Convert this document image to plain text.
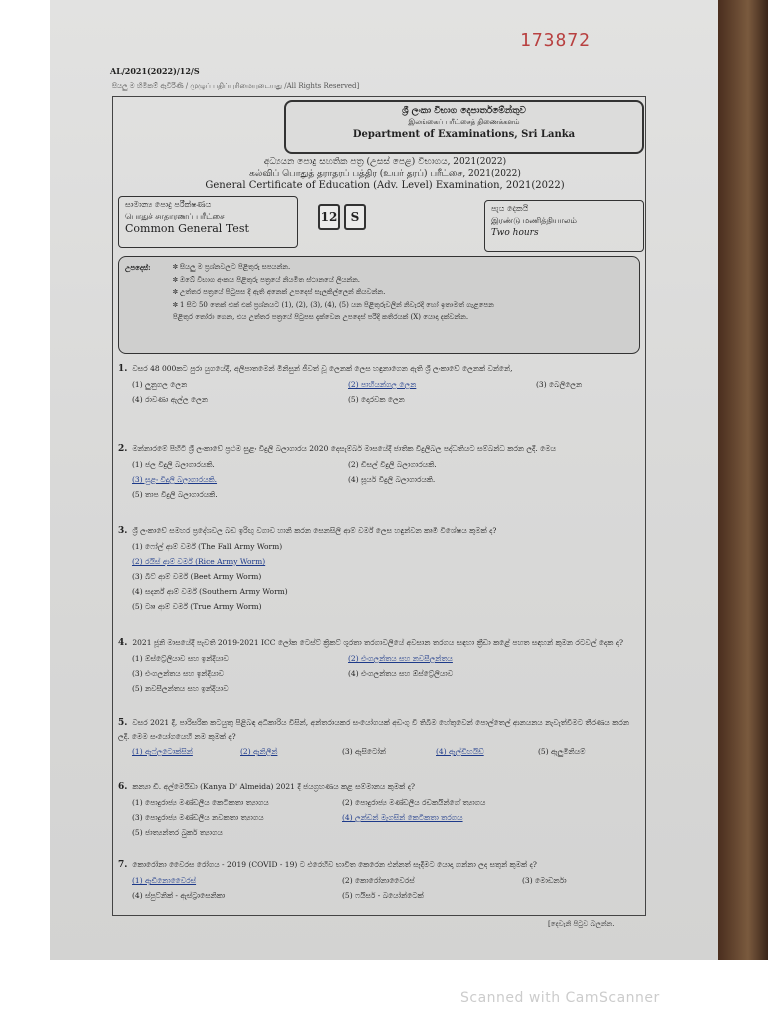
173872
AL/2021(2022)/12/S
සියලු ම හිමිකම් ඇවිරිණි / முழுப் பதிப்புரிமையுடையது /All Rights Reserved]
ශ්‍රී ලංකා විභාග දෙපාර්තමේන්තුව
இலங்கைப் பரீட்சைத் திணைக்களம்
Department of Examinations, Sri Lanka
අධ්‍යයන පොදු සහතික පත්‍ර (උසස් පෙළ) විභාගය, 2021(2022)
கல்விப் பொதுத் தராதரப் பத்திர (உயர் தரப்) பரீட்சை, 2021(2022)
General Certificate of Education (Adv. Level) Examination, 2021(2022)
සාමාන්‍ය පොදු පරීක්ෂණය
பொதுச் சாதாரணப் பரீட்சை
Common General Test
12 S
පැය දෙකයි
இரண்டு மணித்தியாலம்
Two hours
උපදෙස්:	✽ සියලු ම ප්‍රශ්නවලට පිළිතුරු සපයන්න.
✽ ඔබේ විභාග අංකය පිළිතුරු පත්‍රයේ නියමිත ස්ථානයේ ලියන්න.
✽ උත්තර පත්‍රයේ පිටුපස දී ඇති අනෙක් උපදෙස් සැලකිල්ලෙන් කියවන්න.
✽ 1 සිට 50 තෙක් එක් එක් ප්‍රශ්නයට (1), (2), (3), (4), (5) යන පිළිතුරුවලින් නිවැරදි හෝ ඉතාමත් ගැළපෙන
පිළිතුර තෝරා ගෙන, එය උත්තර පත්‍රයේ පිටුපස දැක්වෙන උපදෙස් පරිදි කතිරයක් (X) යොදා දක්වන්න.
1. වසර 48 000කට පුරා යුගයේදී, අලිපාතමෙන් මිනිසුන් ජීවත් වූ ලෙනක් ලෙස හඳුනාගෙන ඇති ශ්‍රී ලංකාවේ ලෙනක් වන්නේ,
(1) ලුනුගල ලෙන	(2) පාහියන්ගල ලෙන	(3) බෙලිලෙන
(4) රාවණා ඇල්ල ලෙන	(5) දොරවක ලෙන
2. මන්නාරමේ පිහිටි ශ්‍රී ලංකාවේ ප්‍රථම සුළං විදුලි බලාගාරය 2020 දෙසැම්බර් මාසයේදී ජාතික විදුලිබල පද්ධතියට සම්බන්ධ කරන ලදී. මෙය
(1) ජල විදුලි බලාගාරයකි.	(2) ඩීසල් විදුලි බලාගාරයකි.
(3) සුළං විදුලි බලාගාරයකි.	(4) සූර්ය විදුලි බලාගාරයකි.
(5) තාප විදුලි බලාගාරයකි.
3. ශ්‍රී ලංකාවේ සමහර ප්‍රදේශවල බඩ ඉරිඟු වගාව හානි කරන සෙනසිලි ආම් වර්ම් ලෙස හඳුන්වන කෘමි විශේෂය කුමක් ද?
(1) ෆෝල් ආම් වර්ම් (The Fall Army Worm)
(2) රයිස් ආම් වර්ම් (Rice Army Worm)
(3) බීට් ආම් වර්ම් (Beet Army Worm)
(4) සදර්න් ආම් වර්ම් (Southern Army Worm)
(5) ට්‍රූ ආම් වර්ම් (True Army Worm)
4. 2021 ජූනි මාසයේදී පැවති 2019-2021 ICC ලෝක ටෙස්ට් ක්‍රිකට් ශූරතා තරගාවලියේ අවසාන තරගය සඳහා ක්‍රීඩා කළේ පහත සඳහන් කුමන රටවල් දෙක ද?
(1) ඕස්ට්‍රේලියාව සහ ඉන්දියාව	(2) එංගලන්තය සහ නවසීලන්තය
(3) එංගලන්තය සහ ඉන්දියාව	(4) එංගලන්තය සහ ඕස්ට්‍රේලියාව
(5) නවසීලන්තය සහ ඉන්දියාව
5. වසර 2021 දී, පාරිසරික කටයුතු පිළිබඳ අධිකාරිය විසින්, අන්තරායකර සංයෝගයක් අඩංගු වී තිබීම හේතුවෙන් පොල්තෙල් ආනයනය නැවැත්වීමට තීරණය කරන ලදී. මෙම සංයෝගයෙහි නම කුමක් ද?
(1) ඇෆ්ලටොක්සින්	(2) ඇනිලීන්	(3) ඇසිටෝන්	(4) ඇල්ඩිහයිඩ්	(5) ඇලුමිනියම්
6. කන්‍යා ඩී. අල්මෙයිඩා (Kanya D' Almeida) 2021 දී ජයග්‍රහණය කළ සම්මානය කුමක් ද?
(1) පොදුරාජ්‍ය මණ්ඩලීය කෙටිකතා ත්‍යාගය	(2) පොදුරාජ්‍ය මණ්ඩලීය රචකයින්ගේ ත්‍යාගය
(3) පොදුරාජ්‍ය මණ්ඩලීය නවකතා ත්‍යාගය	(4) ලන්ඩන් මැගසින් කෙටිකතා තරගය
(5) ජාත්‍යන්තර බුකර් ත්‍යාගය
7. කොරෝනා වෛරස රෝගය - 2019 (COVID - 19) ට එරෙහිව භාවිත කෙරෙන එන්නත් සෑදීමට යොදා ගන්නා ලද සතුන් කුමක් ද?
(1) ඇඩිනොවෛරස්	(2) කොරෝනාවෛරස්	(3) මොඩර්නා
(4) ස්පුට්නික් - ඇස්ට්‍රාසෙනිකා	(5) ෆයිසර් - බයෝන්ටෙක්
[දෙවැනි පිටුව බලන්න.
Scanned with CamScanner
